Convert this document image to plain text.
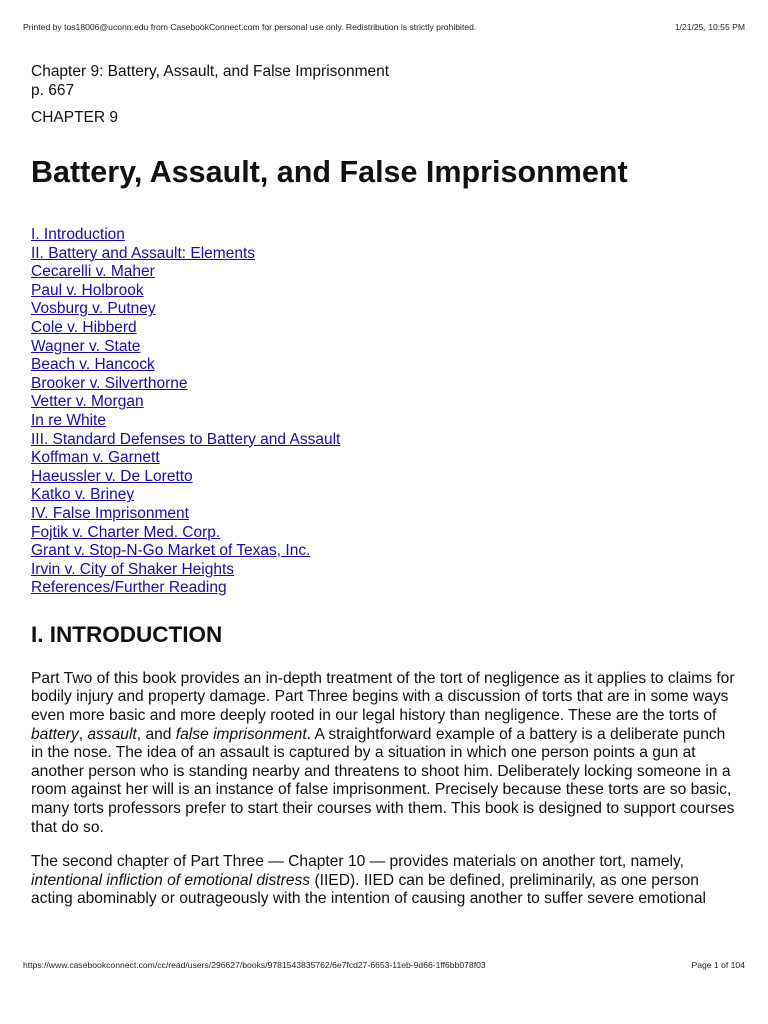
Printed by tos18006@uconn.edu from CasebookConnect.com for personal use only. Redistribution is strictly prohibited.	1/21/25, 10:55 PM

Chapter 9: Battery, Assault, and False Imprisonment

p. 667

CHAPTER 9

Battery, Assault, and False Imprisonment
I. Introduction
II. Battery and Assault: Elements
Cecarelli v. Maher
Paul v. Holbrook
Vosburg v. Putney
Cole v. Hibberd
Wagner v. State
Beach v. Hancock
Brooker v. Silverthorne
Vetter v. Morgan
In re White
III. Standard Defenses to Battery and Assault
Koffman v. Garnett
Haeussler v. De Loretto
Katko v. Briney
IV. False Imprisonment
Fojtik v. Charter Med. Corp.
Grant v. Stop-N-Go Market of Texas, Inc.
Irvin v. City of Shaker Heights
References/Further Reading
I. INTRODUCTION

Part Two of this book provides an in-depth treatment of the tort of negligence as it applies to claims for bodily injury and property damage. Part Three begins with a discussion of torts that are in some ways even more basic and more deeply rooted in our legal history than negligence. These are the torts of battery, assault, and false imprisonment. A straightforward example of a battery is a deliberate punch in the nose. The idea of an assault is captured by a situation in which one person points a gun at another person who is standing nearby and threatens to shoot him. Deliberately locking someone in a room against her will is an instance of false imprisonment. Precisely because these torts are so basic, many torts professors prefer to start their courses with them. This book is designed to support courses that do so.

The second chapter of Part Three — Chapter 10 — provides materials on another tort, namely, intentional infliction of emotional distress (IIED). IIED can be defined, preliminarily, as one person acting abominably or outrageously with the intention of causing another to suffer severe emotional

https://www.casebookconnect.com/cc/read/users/296627/books/9781543835762/6e7fcd27-6653-11eb-9d66-1ff6bb078f03	Page 1 of 104
